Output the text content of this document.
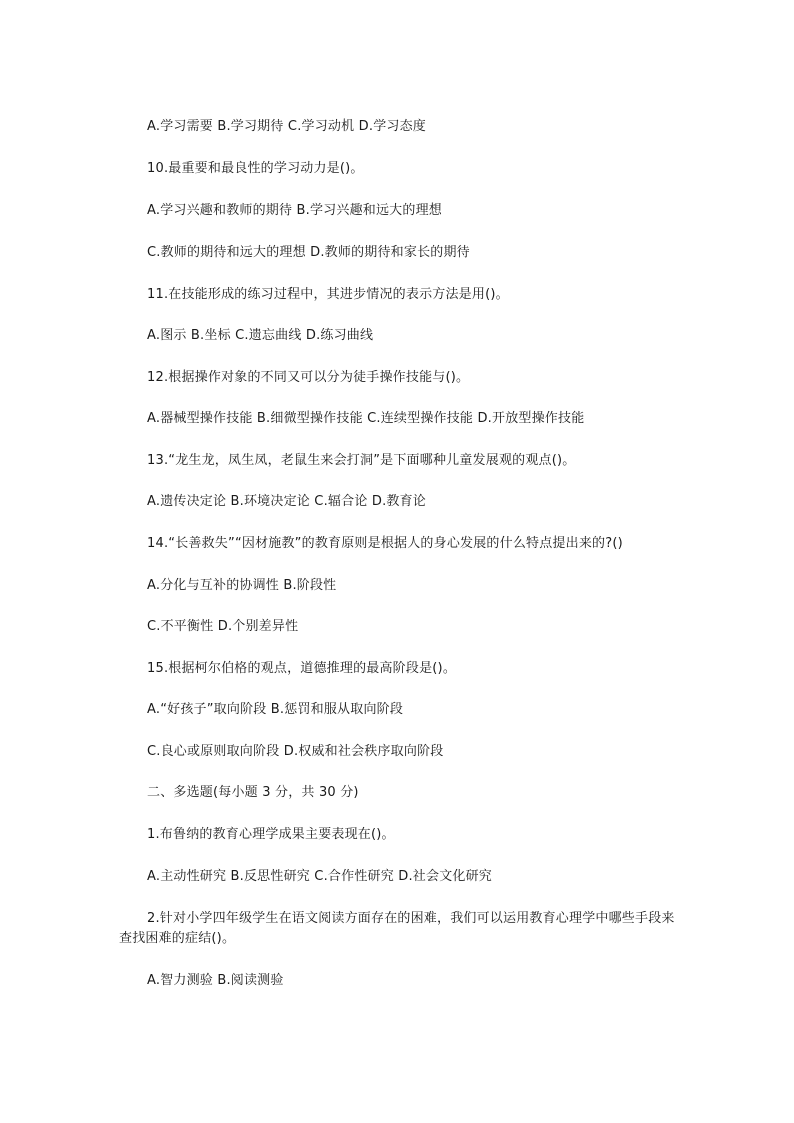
A.学习需要 B.学习期待 C.学习动机 D.学习态度
10.最重要和最良性的学习动力是()。
A.学习兴趣和教师的期待 B.学习兴趣和远大的理想
C.教师的期待和远大的理想 D.教师的期待和家长的期待
11.在技能形成的练习过程中，其进步情况的表示方法是用()。
A.图示 B.坐标 C.遗忘曲线 D.练习曲线
12.根据操作对象的不同又可以分为徒手操作技能与()。
A.器械型操作技能 B.细微型操作技能 C.连续型操作技能 D.开放型操作技能
13.“龙生龙，凤生凤，老鼠生来会打洞”是下面哪种儿童发展观的观点()。
A.遗传决定论 B.环境决定论 C.辐合论 D.教育论
14.“长善救失”“因材施教”的教育原则是根据人的身心发展的什么特点提出来的?()
A.分化与互补的协调性 B.阶段性
C.不平衡性 D.个别差异性
15.根据柯尔伯格的观点，道德推理的最高阶段是()。
A.“好孩子”取向阶段 B.惩罚和服从取向阶段
C.良心或原则取向阶段 D.权威和社会秩序取向阶段
二、多选题(每小题 3 分，共 30 分)
1.布鲁纳的教育心理学成果主要表现在()。
A.主动性研究 B.反思性研究 C.合作性研究 D.社会文化研究
2.针对小学四年级学生在语文阅读方面存在的困难，我们可以运用教育心理学中哪些手段来查找困难的症结()。
A.智力测验 B.阅读测验
